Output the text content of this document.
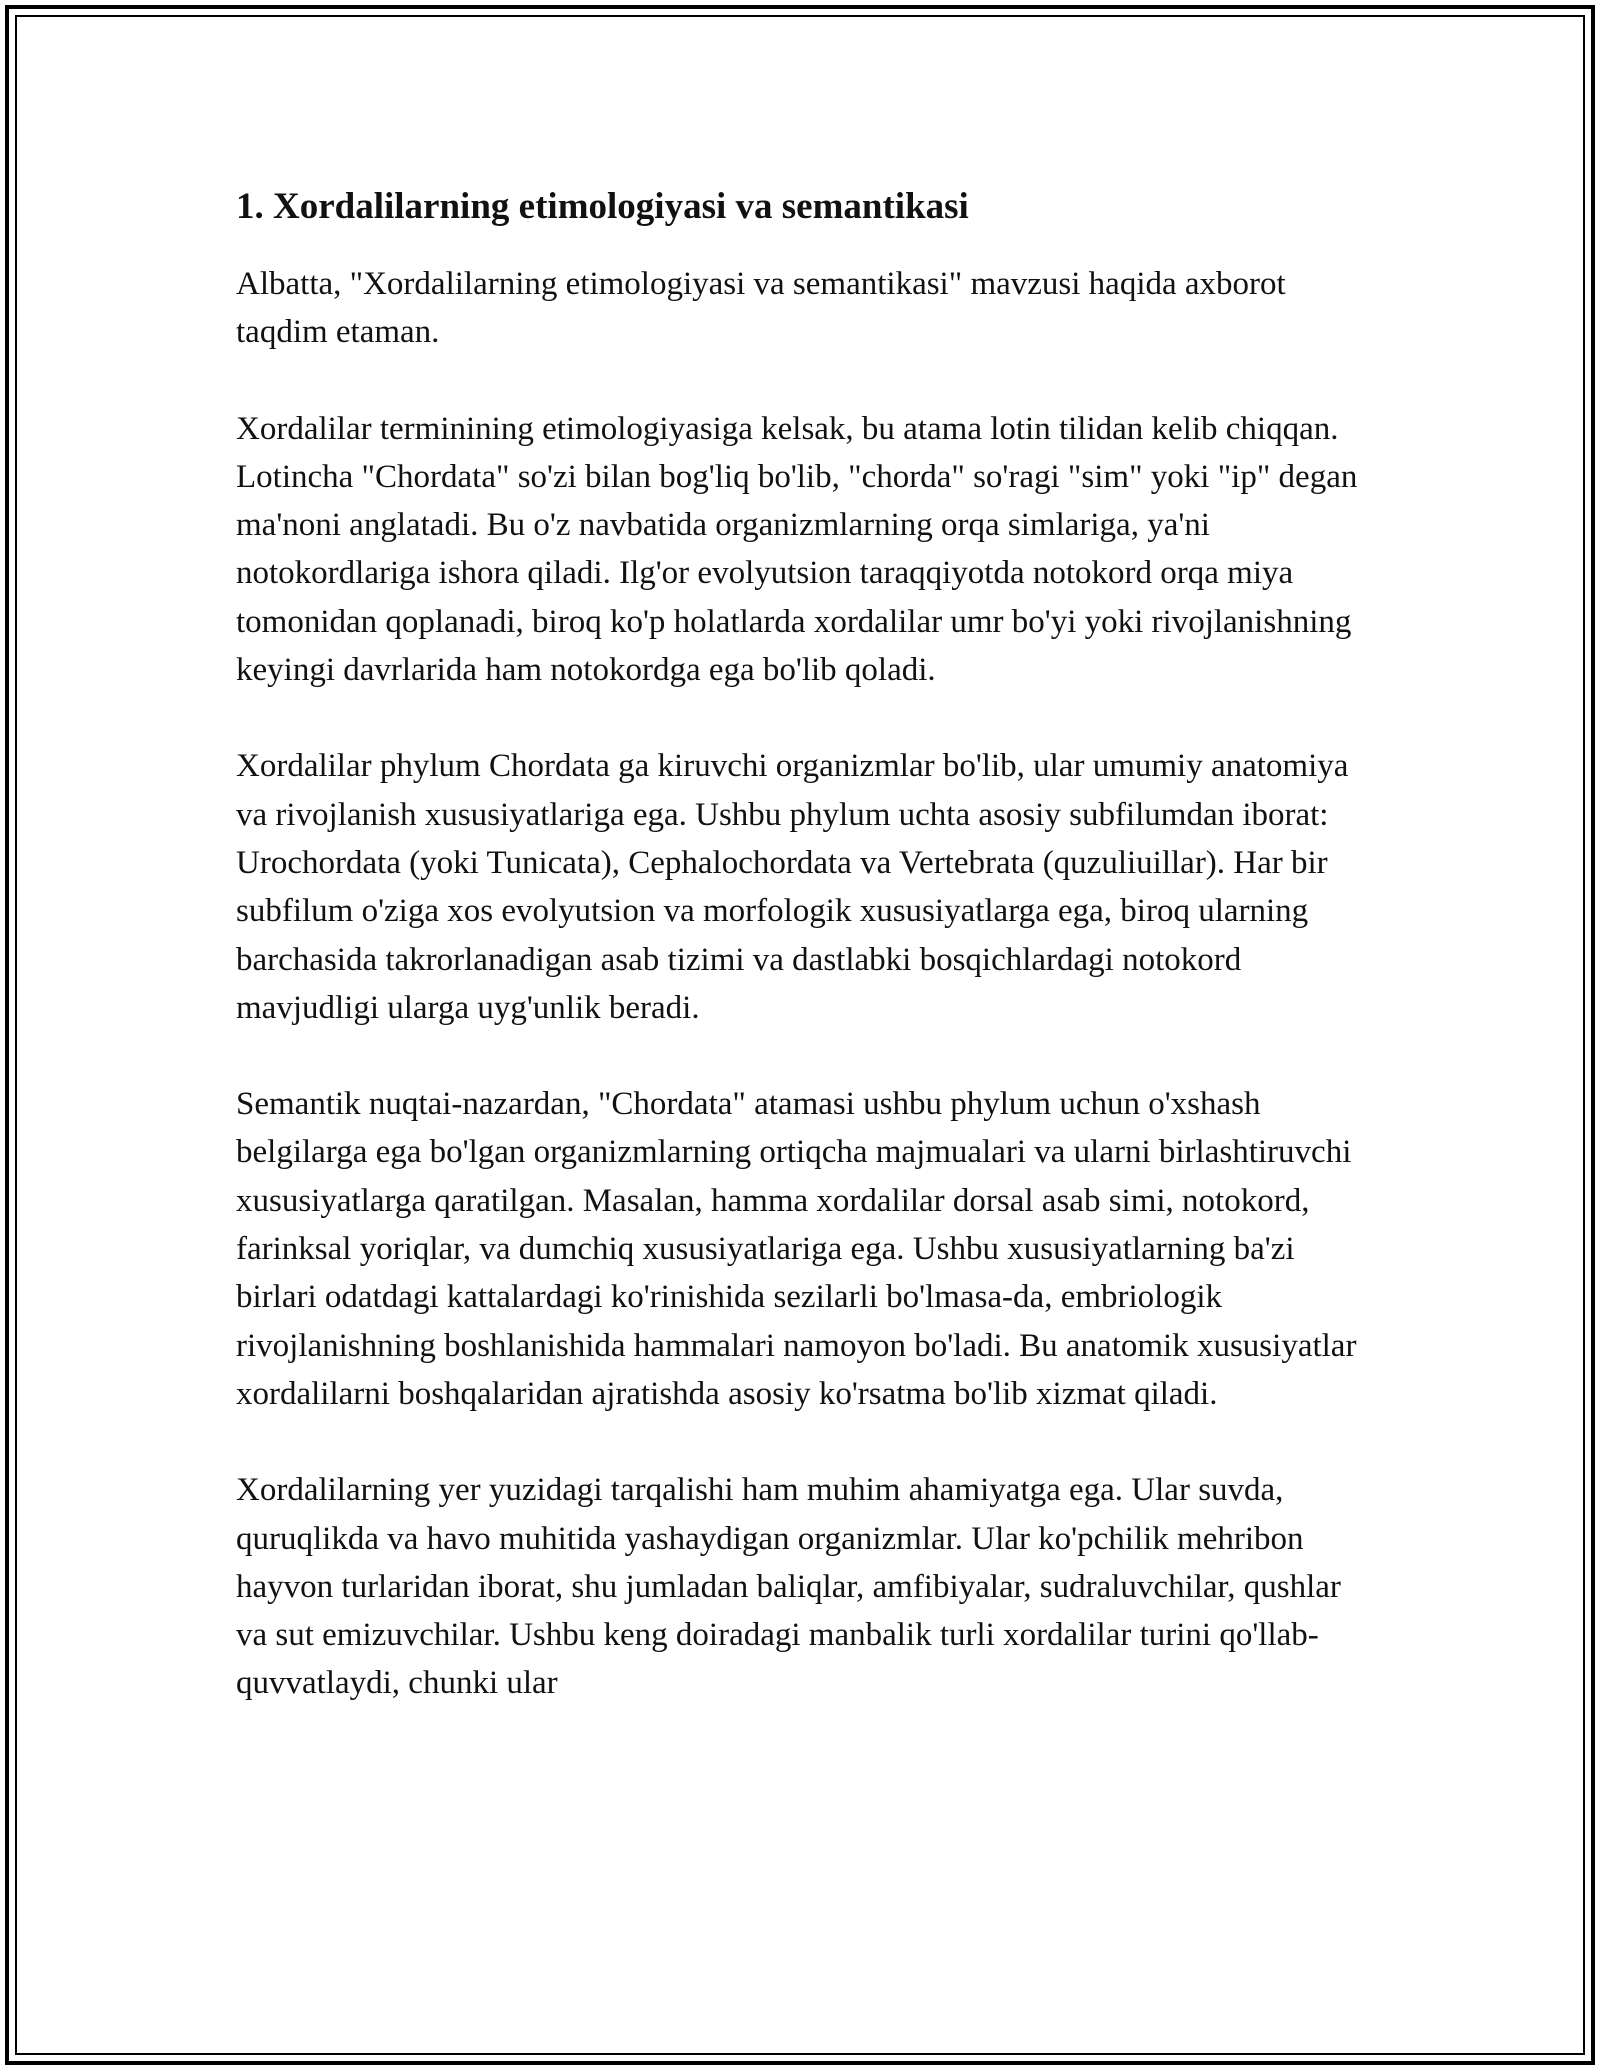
1. Xordalilarning etimologiyasi va semantikasi

Albatta, "Xordalilarning etimologiyasi va semantikasi" mavzusi haqida axborot taqdim etaman.

Xordalilar terminining etimologiyasiga kelsak, bu atama lotin tilidan kelib chiqqan. Lotincha "Chordata" so'zi bilan bog'liq bo'lib, "chorda" so'ragi "sim" yoki "ip" degan ma'noni anglatadi. Bu o'z navbatida organizmlarning orqa simlariga, ya'ni notokordlariga ishora qiladi. Ilg'or evolyutsion taraqqiyotda notokord orqa miya tomonidan qoplanadi, biroq ko'p holatlarda xordalilar umr bo'yi yoki rivojlanishning keyingi davrlarida ham notokordga ega bo'lib qoladi.

Xordalilar phylum Chordata ga kiruvchi organizmlar bo'lib, ular umumiy anatomiya va rivojlanish xususiyatlariga ega. Ushbu phylum uchta asosiy subfilumdan iborat: Urochordata (yoki Tunicata), Cephalochordata va Vertebrata (quzuliuillar). Har bir subfilum o'ziga xos evolyutsion va morfologik xususiyatlarga ega, biroq ularning barchasida takrorlanadigan asab tizimi va dastlabki bosqichlardagi notokord mavjudligi ularga uyg'unlik beradi.

Semantik nuqtai-nazardan, "Chordata" atamasi ushbu phylum uchun o'xshash belgilarga ega bo'lgan organizmlarning ortiqcha majmualari va ularni birlashtiruvchi xususiyatlarga qaratilgan. Masalan, hamma xordalilar dorsal asab simi, notokord, farinksal yoriqlar, va dumchiq xususiyatlariga ega. Ushbu xususiyatlarning ba'zi birlari odatdagi kattalardagi ko'rinishida sezilarli bo'lmasa-da, embriologik rivojlanishning boshlanishida hammalari namoyon bo'ladi. Bu anatomik xususiyatlar xordalilarni boshqalaridan ajratishda asosiy ko'rsatma bo'lib xizmat qiladi.

Xordalilarning yer yuzidagi tarqalishi ham muhim ahamiyatga ega. Ular suvda, quruqlikda va havo muhitida yashaydigan organizmlar. Ular ko'pchilik mehribon hayvon turlaridan iborat, shu jumladan baliqlar, amfibiyalar, sudraluvchilar, qushlar va sut emizuvchilar. Ushbu keng doiradagi manbalik turli xordalilar turini qo'llab-quvvatlaydi, chunki ular
